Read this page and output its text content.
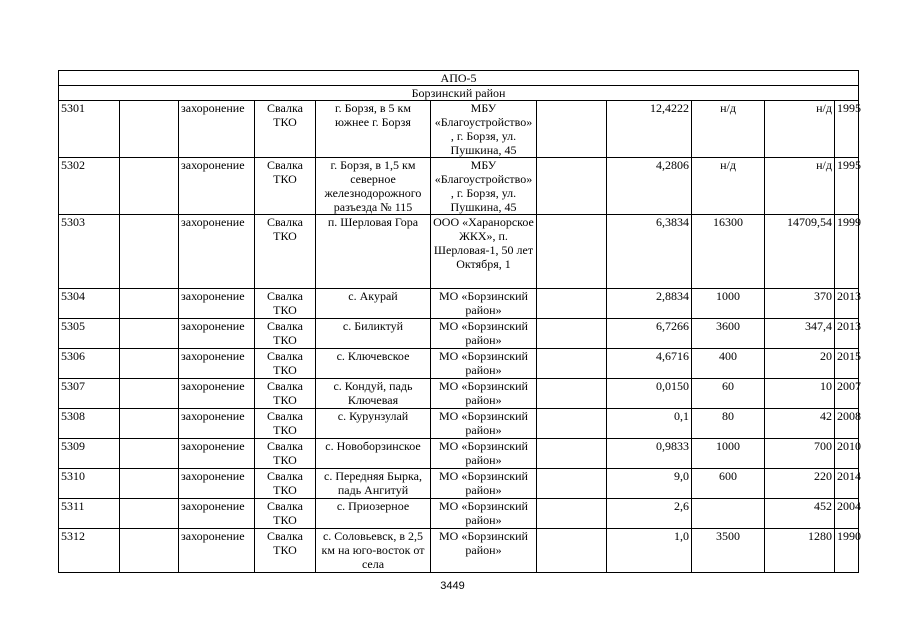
АПО-5										
Борзинский район										
5301		захоронение	Свалка ТКО	г. Борзя, в 5 км южнее г. Борзя	МБУ «Благоустройство» , г. Борзя, ул. Пушкина, 45		12,4222	н/д	н/д	1995
5302		захоронение	Свалка ТКО	г. Борзя, в 1,5 км северное железнодорожного разъезда № 115	МБУ «Благоустройство» , г. Борзя, ул. Пушкина, 45		4,2806	н/д	н/д	1995
5303		захоронение	Свалка ТКО	п. Шерловая Гора	ООО «Харанорское ЖКХ», п. Шерловая-1, 50 лет Октября, 1		6,3834	16300	14709,54	1999
5304		захоронение	Свалка ТКО	с. Акурай	МО «Борзинский район»		2,8834	1000	370	2013
5305		захоронение	Свалка ТКО	с. Биликтуй	МО «Борзинский район»		6,7266	3600	347,4	2013
5306		захоронение	Свалка ТКО	с. Ключевское	МО «Борзинский район»		4,6716	400	20	2015
5307		захоронение	Свалка ТКО	с. Кондуй, падь Ключевая	МО «Борзинский район»		0,0150	60	10	2007
5308		захоронение	Свалка ТКО	с. Курунзулай	МО «Борзинский район»		0,1	80	42	2008
5309		захоронение	Свалка ТКО	с. Новоборзинское	МО «Борзинский район»		0,9833	1000	700	2010
5310		захоронение	Свалка ТКО	с. Передняя Бырка, падь Ангитуй	МО «Борзинский район»		9,0	600	220	2014
5311		захоронение	Свалка ТКО	с. Приозерное	МО «Борзинский район»		2,6		452	2004
5312		захоронение	Свалка ТКО	с. Соловьевск, в 2,5 км на юго-восток от села	МО «Борзинский район»		1,0	3500	1280	1990
3449
